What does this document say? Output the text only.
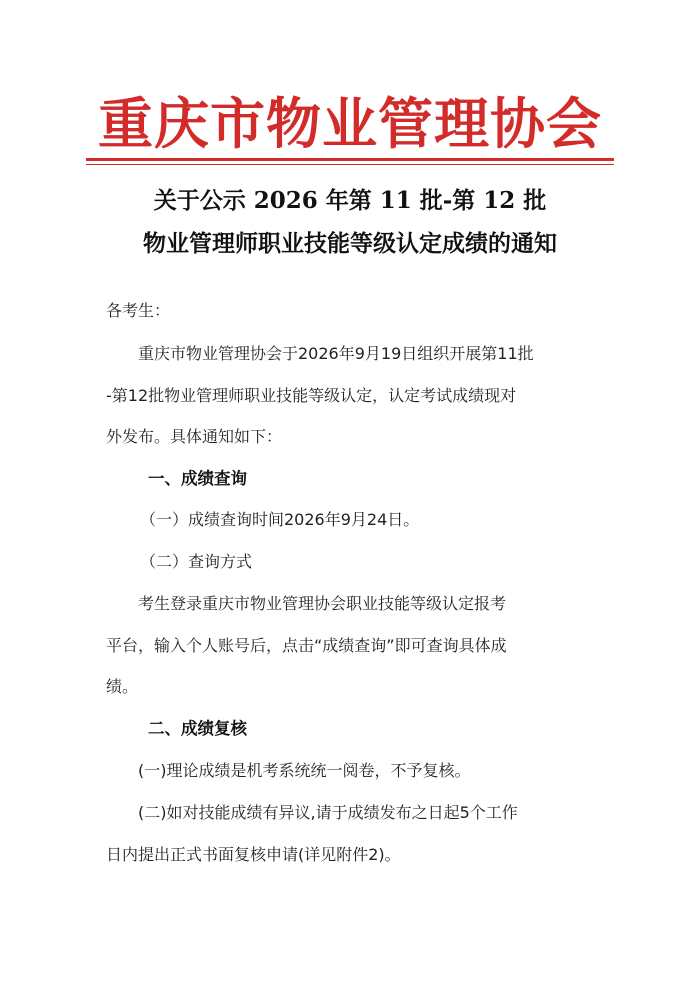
重庆市物业管理协会
关于公示 2026 年第 11 批-第 12 批
物业管理师职业技能等级认定成绩的通知
各考生：
　　重庆市物业管理协会于2026年9月19日组织开展第11批
-第12批物业管理师职业技能等级认定，认定考试成绩现对
外发布。具体通知如下：
一、成绩查询
（一）成绩查询时间2026年9月24日。
（二）查询方式
　　考生登录重庆市物业管理协会职业技能等级认定报考
平台，输入个人账号后，点击“成绩查询”即可查询具体成
绩。
二、成绩复核
　　(一)理论成绩是机考系统统一阅卷，不予复核。
　　(二)如对技能成绩有异议,请于成绩发布之日起5个工作
日内提出正式书面复核申请(详见附件2)。
